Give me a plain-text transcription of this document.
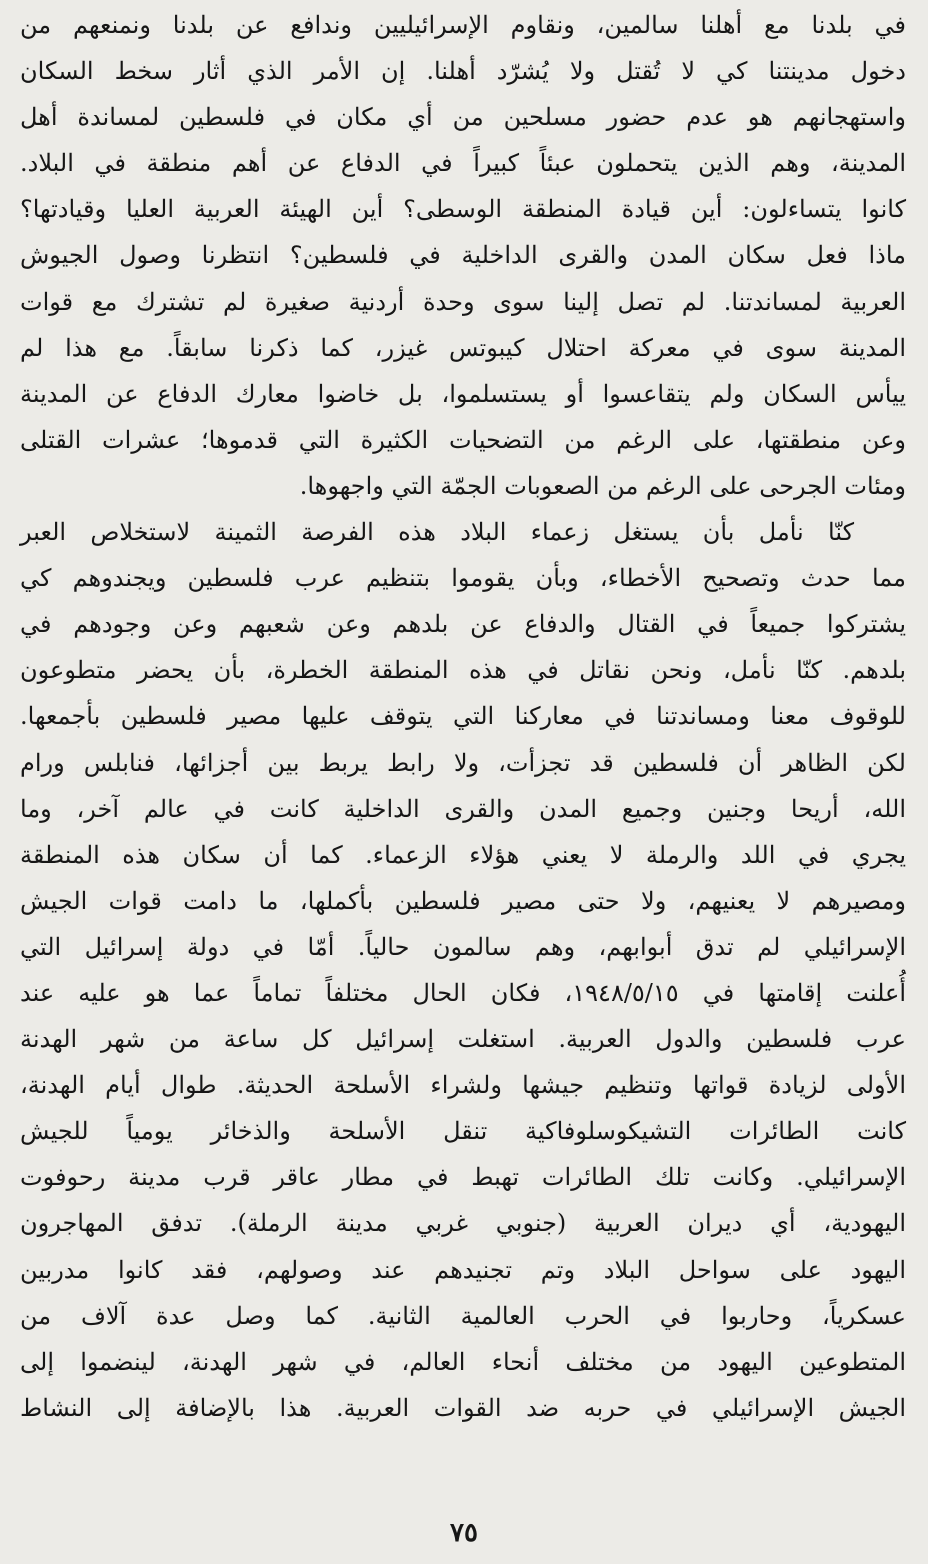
في بلدنا مع أهلنا سالمين، ونقاوم الإسرائيليين وندافع عن بلدنا ونمنعهم من
دخول مدينتنا كي لا تُقتل ولا يُشرّد أهلنا. إن الأمر الذي أثار سخط السكان
واستهجانهم هو عدم حضور مسلحين من أي مكان في فلسطين لمساندة أهل
المدينة، وهم الذين يتحملون عبئاً كبيراً في الدفاع عن أهم منطقة في البلاد.
كانوا يتساءلون: أين قيادة المنطقة الوسطى؟ أين الهيئة العربية العليا وقيادتها؟
ماذا فعل سكان المدن والقرى الداخلية في فلسطين؟ انتظرنا وصول الجيوش
العربية لمساندتنا. لم تصل إلينا سوى وحدة أردنية صغيرة لم تشترك مع قوات
المدينة سوى في معركة احتلال كيبوتس غيزر، كما ذكرنا سابقاً. مع هذا لم
ييأس السكان ولم يتقاعسوا أو يستسلموا، بل خاضوا معارك الدفاع عن المدينة
وعن منطقتها، على الرغم من التضحيات الكثيرة التي قدموها؛ عشرات القتلى
ومئات الجرحى على الرغم من الصعوبات الجمّة التي واجهوها.
كنّا نأمل بأن يستغل زعماء البلاد هذه الفرصة الثمينة لاستخلاص العبر
مما حدث وتصحيح الأخطاء، وبأن يقوموا بتنظيم عرب فلسطين ويجندوهم كي
يشتركوا جميعاً في القتال والدفاع عن بلدهم وعن شعبهم وعن وجودهم في
بلدهم. كنّا نأمل، ونحن نقاتل في هذه المنطقة الخطرة، بأن يحضر متطوعون
للوقوف معنا ومساندتنا في معاركنا التي يتوقف عليها مصير فلسطين بأجمعها.
لكن الظاهر أن فلسطين قد تجزأت، ولا رابط يربط بين أجزائها، فنابلس ورام
الله، أريحا وجنين وجميع المدن والقرى الداخلية كانت في عالم آخر، وما
يجري في اللد والرملة لا يعني هؤلاء الزعماء. كما أن سكان هذه المنطقة
ومصيرهم لا يعنيهم، ولا حتى مصير فلسطين بأكملها، ما دامت قوات الجيش
الإسرائيلي لم تدق أبوابهم، وهم سالمون حالياً. أمّا في دولة إسرائيل التي
أُعلنت إقامتها في ١٩٤٨/٥/١٥، فكان الحال مختلفاً تماماً عما هو عليه عند
عرب فلسطين والدول العربية. استغلت إسرائيل كل ساعة من شهر الهدنة
الأولى لزيادة قواتها وتنظيم جيشها ولشراء الأسلحة الحديثة. طوال أيام الهدنة،
كانت الطائرات التشيكوسلوفاكية تنقل الأسلحة والذخائر يومياً للجيش
الإسرائيلي. وكانت تلك الطائرات تهبط في مطار عاقر قرب مدينة رحوفوت
اليهودية، أي ديران العربية (جنوبي غربي مدينة الرملة). تدفق المهاجرون
اليهود على سواحل البلاد وتم تجنيدهم عند وصولهم، فقد كانوا مدربين
عسكرياً، وحاربوا في الحرب العالمية الثانية. كما وصل عدة آلاف من
المتطوعين اليهود من مختلف أنحاء العالم، في شهر الهدنة، لينضموا إلى
الجيش الإسرائيلي في حربه ضد القوات العربية. هذا بالإضافة إلى النشاط
٧٥
